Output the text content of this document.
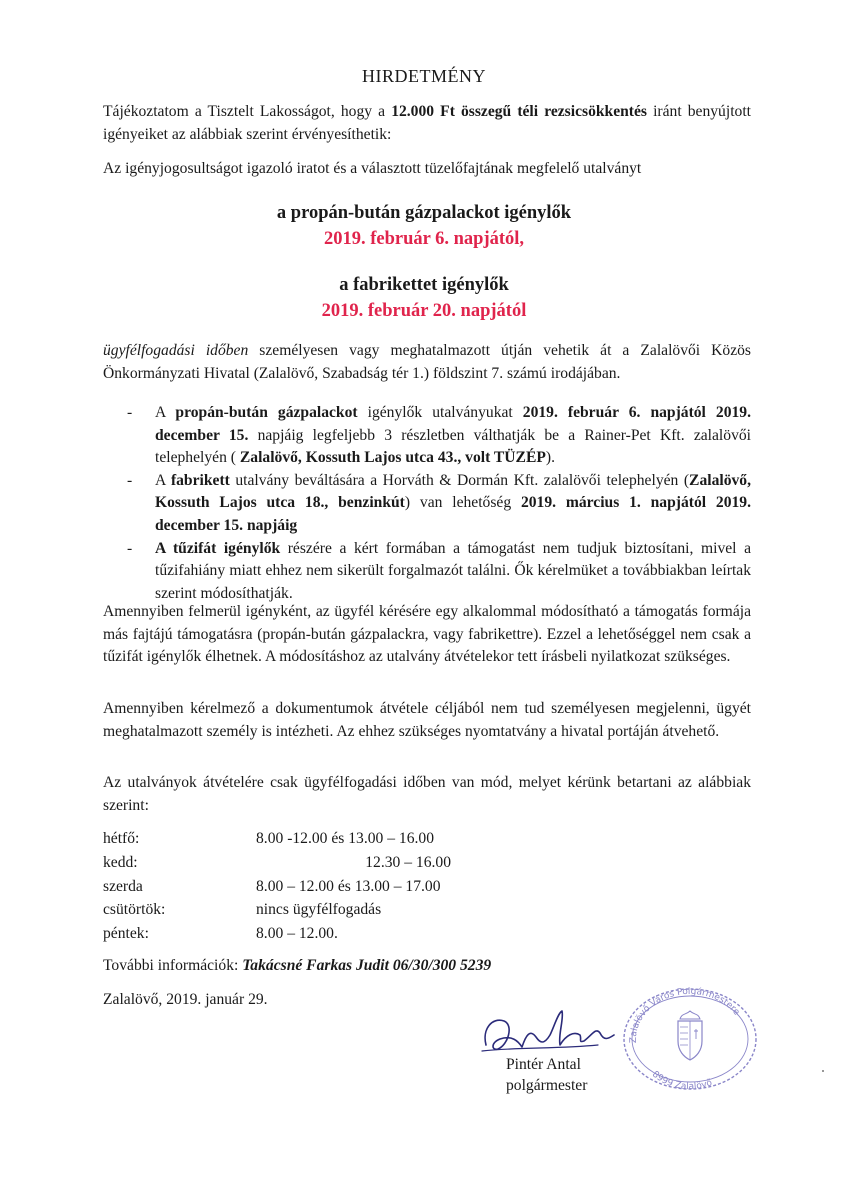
HIRDETMÉNY

Tájékoztatom a Tisztelt Lakosságot, hogy a 12.000 Ft összegű téli rezsicsökkentés iránt benyújtott igényeiket az alábbiak szerint érvényesíthetik:

Az igényjogosultságot igazoló iratot és a választott tüzelőfajtának megfelelő utalványt

a propán-bután gázpalackot igénylők
2019. február 6. napjától,
a fabrikettet igénylők
2019. február 20. napjától

ügyfélfogadási időben személyesen vagy meghatalmazott útján vehetik át a Zalalövői Közös Önkormányzati Hivatal (Zalalövő, Szabadság tér 1.) földszint 7. számú irodájában.

- A propán-bután gázpalackot igénylők utalványukat 2019. február 6. napjától 2019. december 15. napjáig legfeljebb 3 részletben válthatják be a Rainer-Pet Kft. zalalövői telephelyén ( Zalalövő, Kossuth Lajos utca 43., volt TÜZÉP).
- A fabrikett utalvány beváltására a Horváth & Dormán Kft. zalalövői telephelyén (Zalalövő, Kossuth Lajos utca 18., benzinkút) van lehetőség 2019. március 1. napjától 2019. december 15. napjáig
- A tűzifát igénylők részére a kért formában a támogatást nem tudjuk biztosítani, mivel a tűzifahiány miatt ehhez nem sikerült forgalmazót találni. Ők kérelmüket a továbbiakban leírtak szerint módosíthatják.

Amennyiben felmerül igényként, az ügyfél kérésére egy alkalommal módosítható a támogatás formája más fajtájú támogatásra (propán-bután gázpalackra, vagy fabrikettre). Ezzel a lehetőséggel nem csak a tűzifát igénylők élhetnek. A módosításhoz az utalvány átvételekor tett írásbeli nyilatkozat szükséges.

Amennyiben kérelmező a dokumentumok átvétele céljából nem tud személyesen megjelenni, ügyét meghatalmazott személy is intézheti. Az ehhez szükséges nyomtatvány a hivatal portáján átvehető.

Az utalványok átvételére csak ügyfélfogadási időben van mód, melyet kérünk betartani az alábbiak szerint:

hétfő:	8.00 -12.00 és 13.00 – 16.00
kedd:	12.30 – 16.00
szerda	8.00 – 12.00 és 13.00 – 17.00
csütörtök:	nincs ügyfélfogadás
péntek:	8.00 – 12.00.

További információk: Takácsné Farkas Judit 06/30/300 5239

Zalalövő, 2019. január 29.

Pintér Antal
polgármester
Zalalövő Város Polgármestere
8999 Zalalövő
